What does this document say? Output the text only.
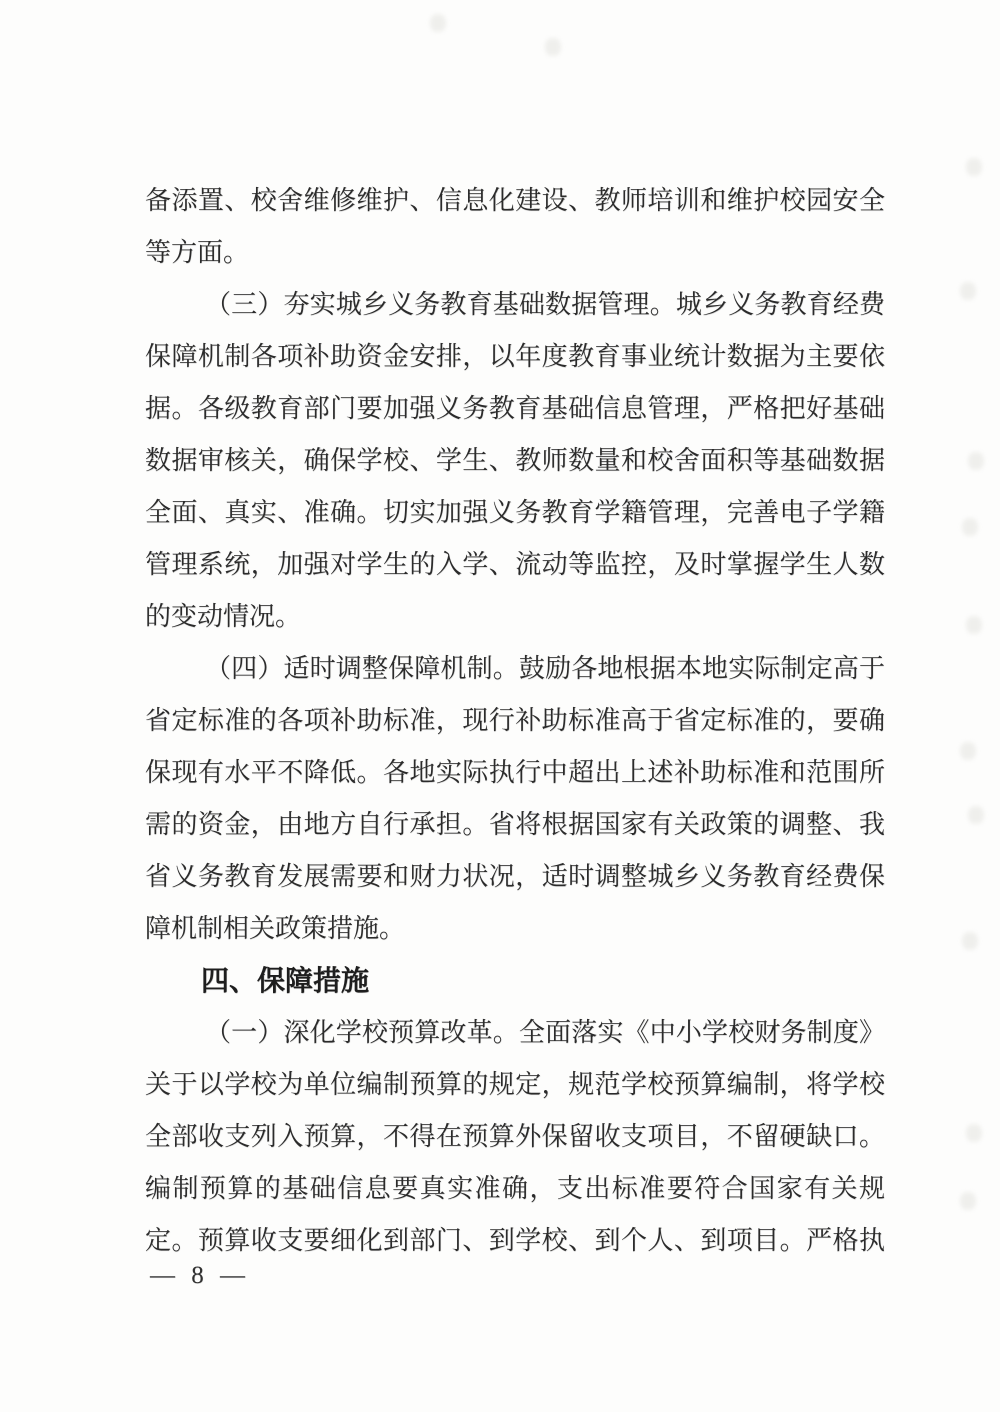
备添置、校舍维修维护、信息化建设、教师培训和维护校园安全
等方面。
（三）夯实城乡义务教育基础数据管理。城乡义务教育经费
保障机制各项补助资金安排，以年度教育事业统计数据为主要依
据。各级教育部门要加强义务教育基础信息管理，严格把好基础
数据审核关，确保学校、学生、教师数量和校舍面积等基础数据
全面、真实、准确。切实加强义务教育学籍管理，完善电子学籍
管理系统，加强对学生的入学、流动等监控，及时掌握学生人数
的变动情况。
（四）适时调整保障机制。鼓励各地根据本地实际制定高于
省定标准的各项补助标准，现行补助标准高于省定标准的，要确
保现有水平不降低。各地实际执行中超出上述补助标准和范围所
需的资金，由地方自行承担。省将根据国家有关政策的调整、我
省义务教育发展需要和财力状况，适时调整城乡义务教育经费保
障机制相关政策措施。
四、保障措施
（一）深化学校预算改革。全面落实《中小学校财务制度》
关于以学校为单位编制预算的规定，规范学校预算编制，将学校
全部收支列入预算，不得在预算外保留收支项目，不留硬缺口。
编制预算的基础信息要真实准确，支出标准要符合国家有关规
定。预算收支要细化到部门、到学校、到个人、到项目。严格执
— 8 —
